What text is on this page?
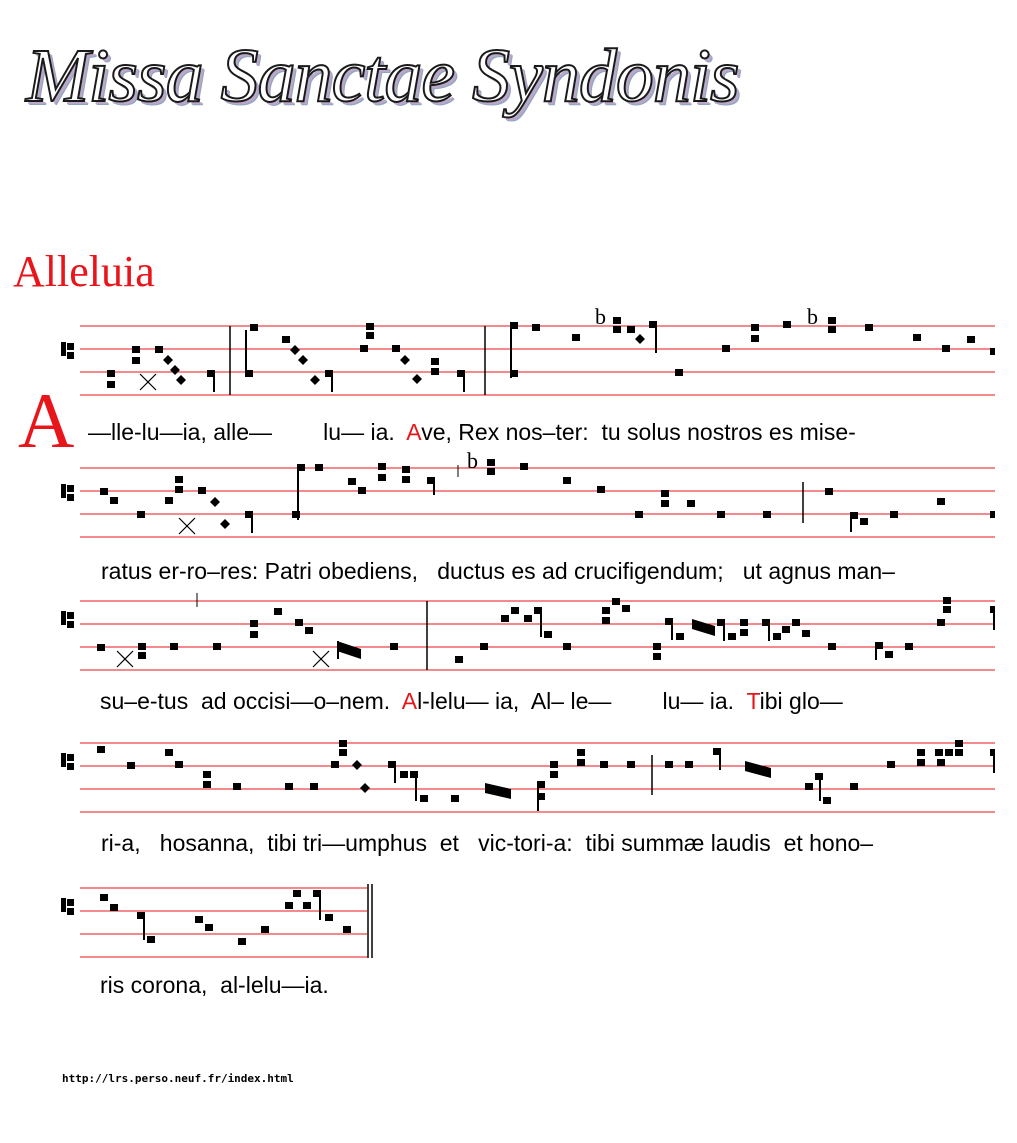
Missa Sanctae Syndonis
Alleluia
A
b	b
—lle-lu—ia, alle—        lu— ia.  Ave, Rex nos–ter:  tu solus nostros es mise-
b
ratus er-ro–res: Patri obediens,   ductus es ad crucifigendum;   ut agnus man–
su–e-tus  ad occisi—o–nem.  Al-lelu— ia,  Al– le—        lu— ia.  Tibi glo—
ri-a,   hosanna,  tibi tri—umphus  et   vic-tori-a:  tibi summæ laudis  et hono–
ris corona,  al-lelu—ia.
http://lrs.perso.neuf.fr/index.html
